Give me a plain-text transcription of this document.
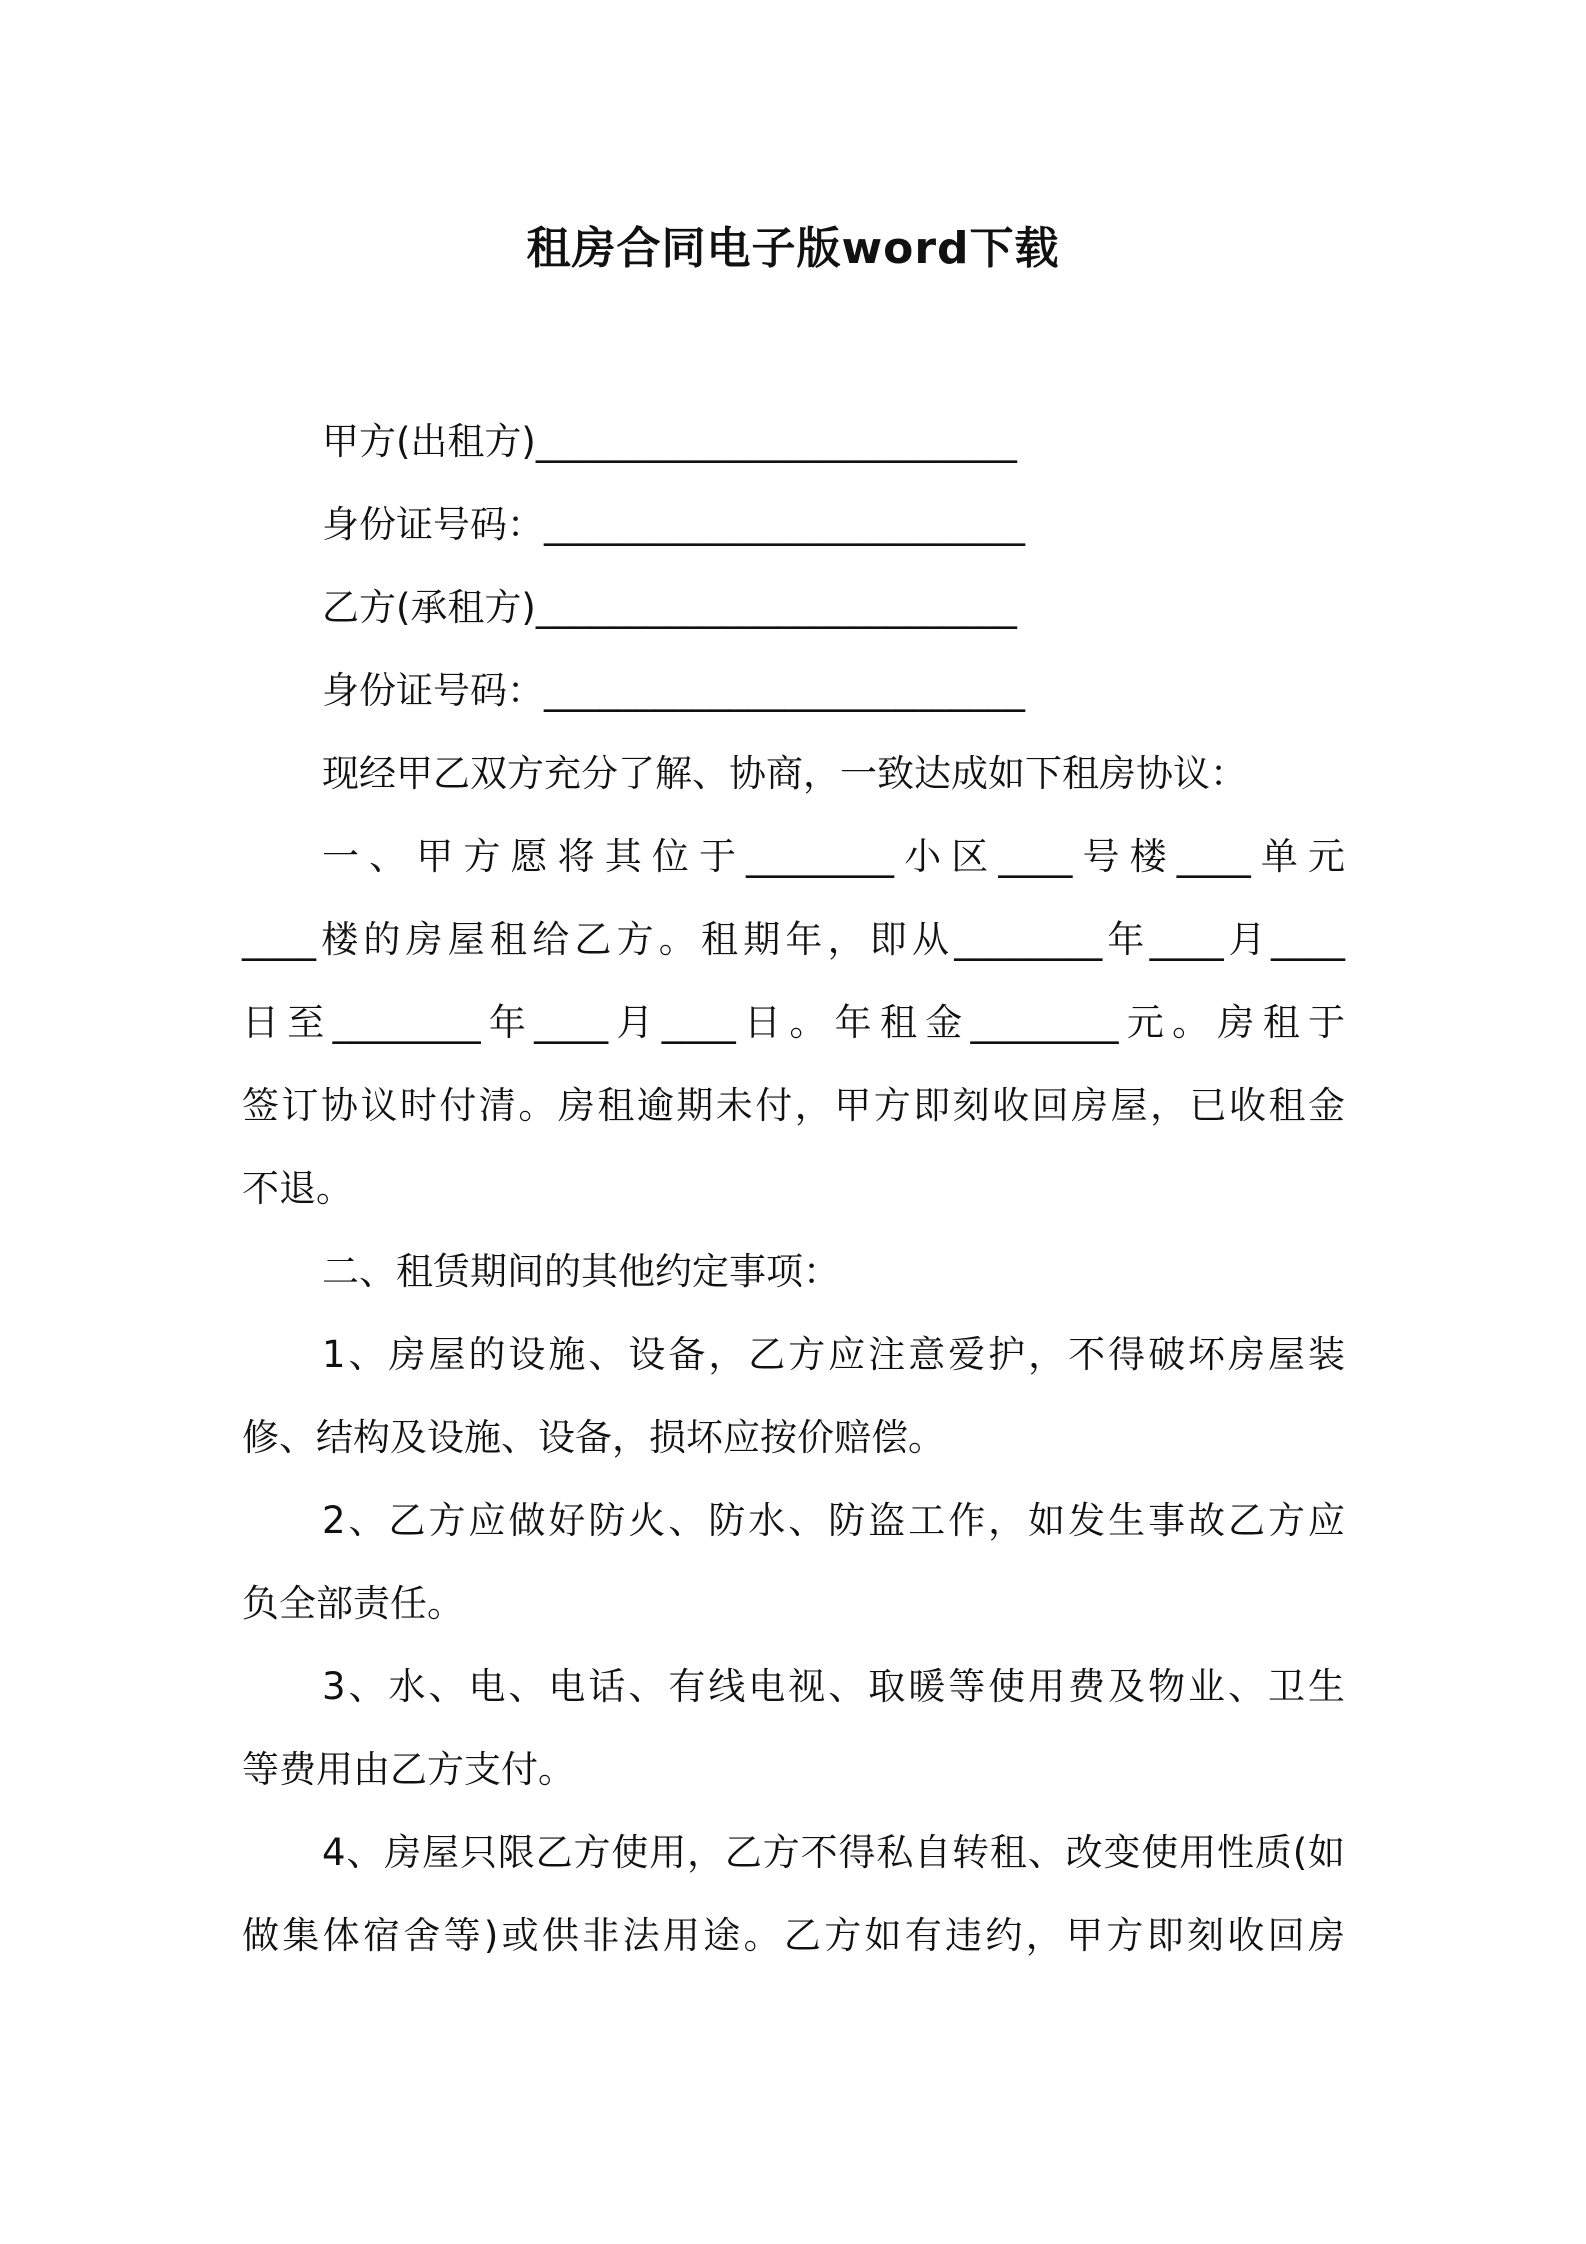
租房合同电子版word下载
甲方(出租方)__________________________
身份证号码：__________________________
乙方(承租方)__________________________
身份证号码：__________________________
现经甲乙双方充分了解、协商，一致达成如下租房协议：
一、甲方愿将其位于________小区____号楼____单元
____楼的房屋租给乙方。租期年，即从________年____月____
日至________年____月____日。年租金________元。房租于
签订协议时付清。房租逾期未付，甲方即刻收回房屋，已收租金
不退。
二、租赁期间的其他约定事项：
1、房屋的设施、设备，乙方应注意爱护，不得破坏房屋装
修、结构及设施、设备，损坏应按价赔偿。
2、乙方应做好防火、防水、防盗工作，如发生事故乙方应
负全部责任。
3、水、电、电话、有线电视、取暖等使用费及物业、卫生
等费用由乙方支付。
4、房屋只限乙方使用，乙方不得私自转租、改变使用性质(如
做集体宿舍等)或供非法用途。乙方如有违约，甲方即刻收回房
